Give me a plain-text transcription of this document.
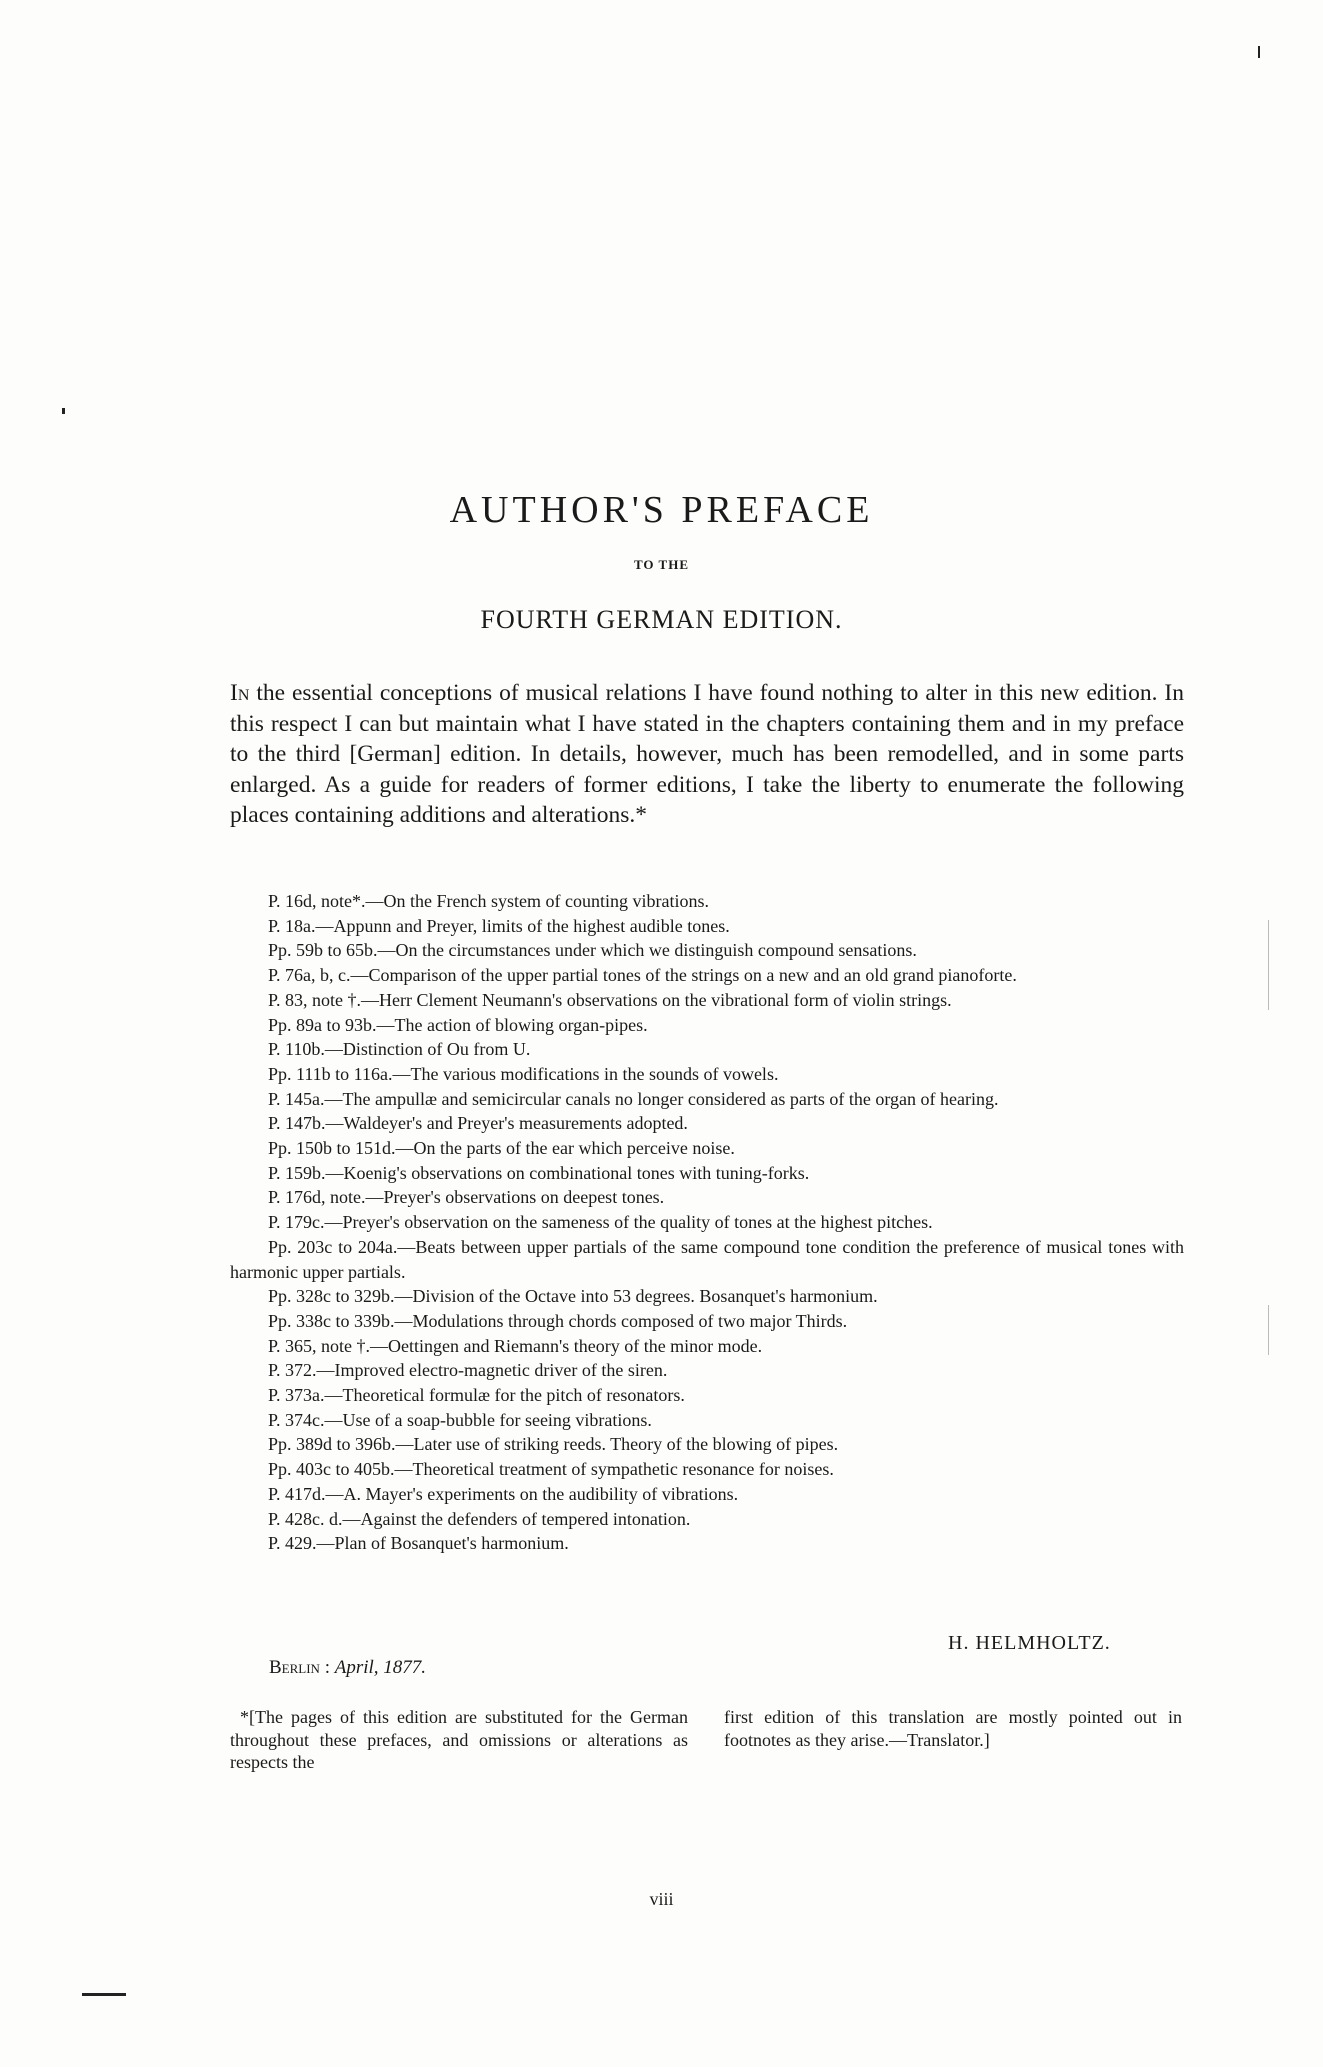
AUTHOR'S PREFACE
TO THE
FOURTH GERMAN EDITION.
In the essential conceptions of musical relations I have found nothing to alter in this new edition. In this respect I can but maintain what I have stated in the chapters containing them and in my preface to the third [German] edition. In details, however, much has been remodelled, and in some parts enlarged. As a guide for readers of former editions, I take the liberty to enumerate the following places containing additions and alterations.*

P. 16d, note*.—On the French system of counting vibrations.

P. 18a.—Appunn and Preyer, limits of the highest audible tones.

Pp. 59b to 65b.—On the circumstances under which we distinguish compound sensations.

P. 76a, b, c.—Comparison of the upper partial tones of the strings on a new and an old grand pianoforte.

P. 83, note †.—Herr Clement Neumann's observations on the vibrational form of violin strings.

Pp. 89a to 93b.—The action of blowing organ-pipes.

P. 110b.—Distinction of Ou from U.

Pp. 111b to 116a.—The various modifications in the sounds of vowels.

P. 145a.—The ampullæ and semicircular canals no longer considered as parts of the organ of hearing.

P. 147b.—Waldeyer's and Preyer's measurements adopted.

Pp. 150b to 151d.—On the parts of the ear which perceive noise.

P. 159b.—Koenig's observations on combinational tones with tuning-forks.

P. 176d, note.—Preyer's observations on deepest tones.

P. 179c.—Preyer's observation on the sameness of the quality of tones at the highest pitches.

Pp. 203c to 204a.—Beats between upper partials of the same compound tone condition the preference of musical tones with harmonic upper partials.

Pp. 328c to 329b.—Division of the Octave into 53 degrees. Bosanquet's harmonium.

Pp. 338c to 339b.—Modulations through chords composed of two major Thirds.

P. 365, note †.—Oettingen and Riemann's theory of the minor mode.

P. 372.—Improved electro-magnetic driver of the siren.

P. 373a.—Theoretical formulæ for the pitch of resonators.

P. 374c.—Use of a soap-bubble for seeing vibrations.

Pp. 389d to 396b.—Later use of striking reeds. Theory of the blowing of pipes.

Pp. 403c to 405b.—Theoretical treatment of sympathetic resonance for noises.

P. 417d.—A. Mayer's experiments on the audibility of vibrations.

P. 428c. d.—Against the defenders of tempered intonation.

P. 429.—Plan of Bosanquet's harmonium.

H. HELMHOLTZ.
Berlin : April, 1877.
*[The pages of this edition are substituted for the German throughout these prefaces, and omissions or alterations as respects the
first edition of this translation are mostly pointed out in footnotes as they arise.—Translator.]
viii
